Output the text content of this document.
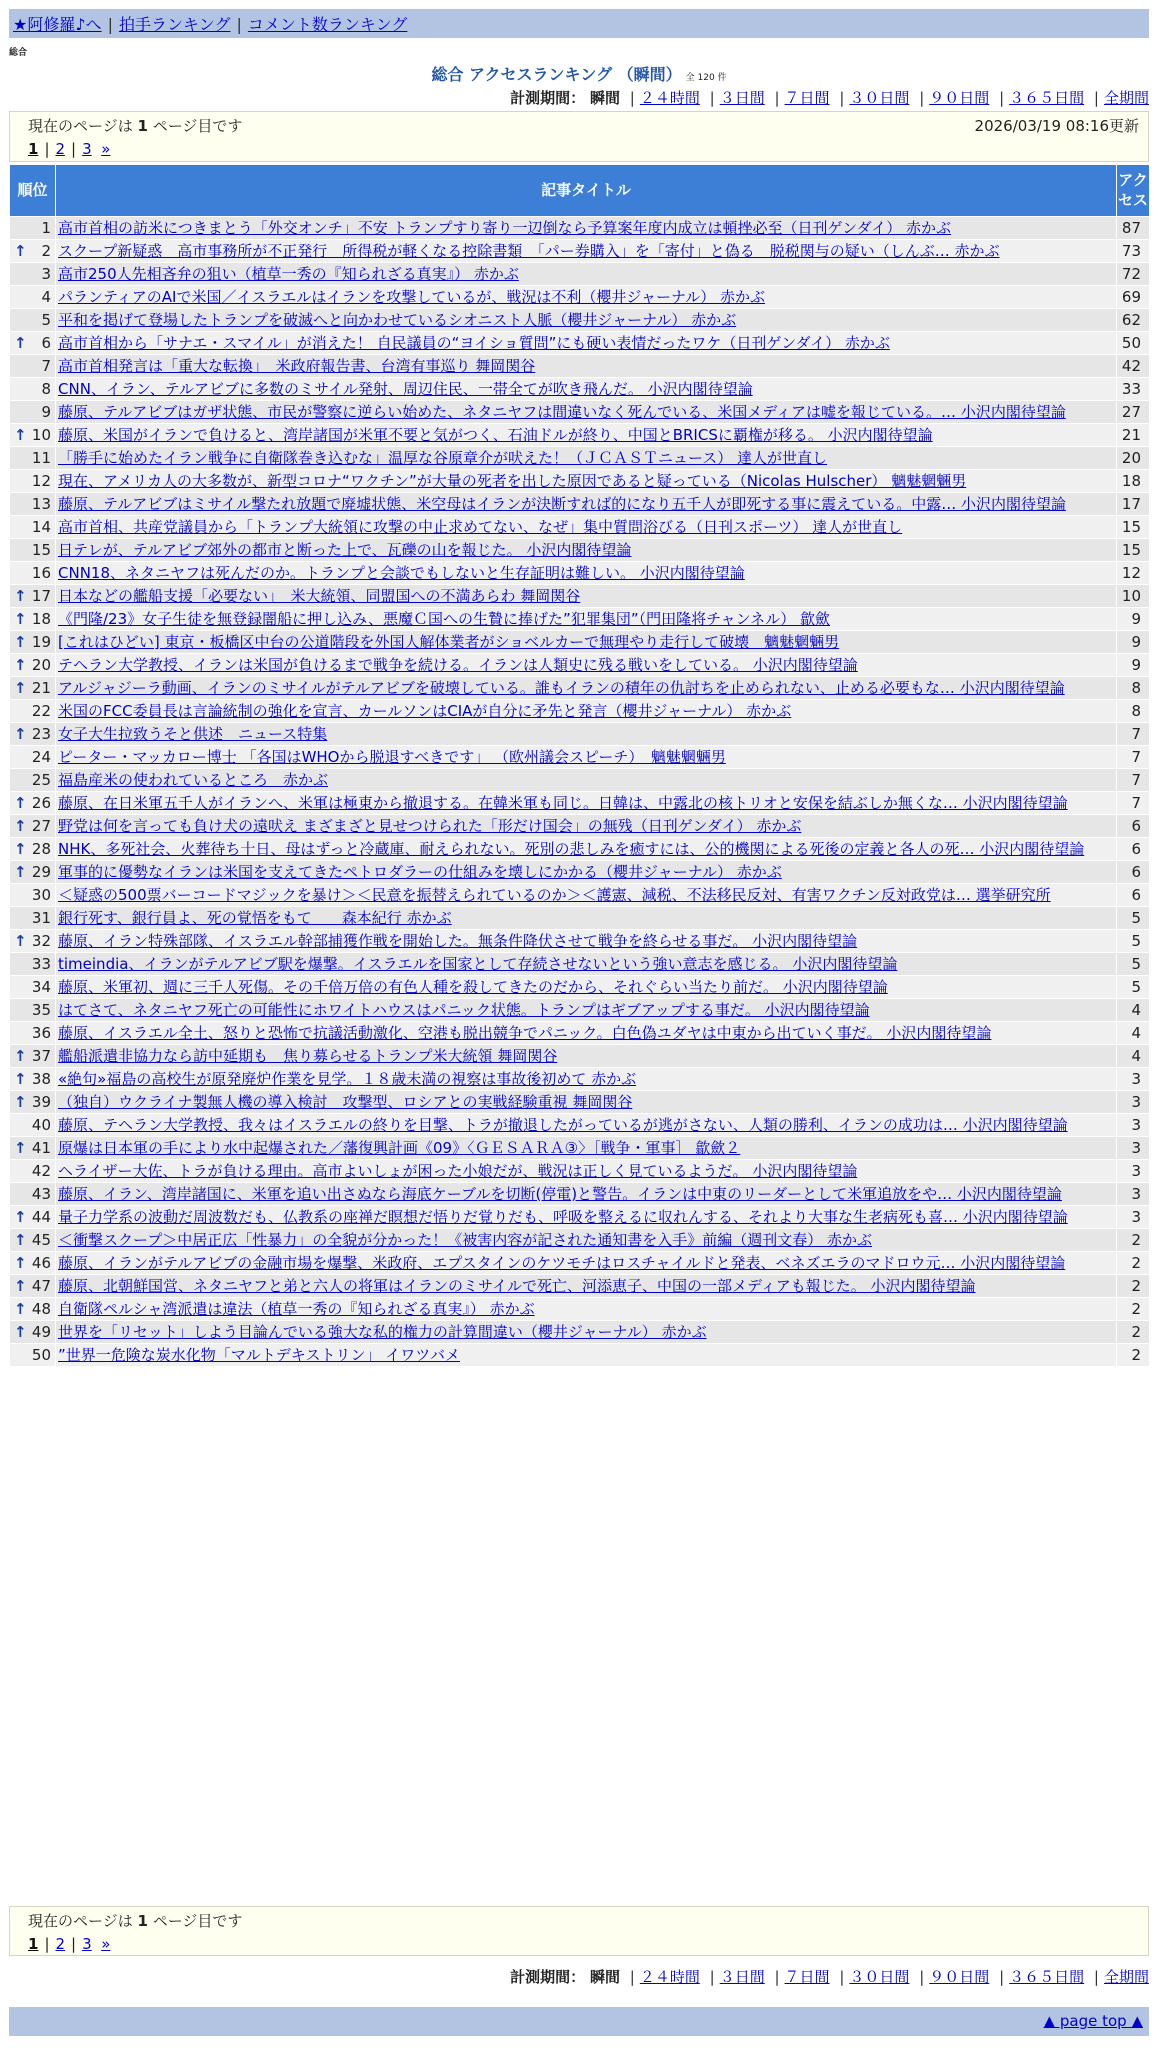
★阿修羅♪へ | 拍手ランキング | コメント数ランキング
総合
総合 アクセスランキング （瞬間） 全 120 件
計測期間： 瞬間 | ２４時間 | ３日間 | ７日間 | ３０日間 | ９０日間 | ３６５日間 | 全期間
現在のページは 1 ページ目です	2026/03/19 08:16更新
1 | 2 | 3 »
順位	記事タイトル	アクセス
1	高市首相の訪米につきまとう「外交オンチ」不安 トランプすり寄り一辺倒なら予算案年度内成立は頓挫必至（日刊ゲンダイ） 赤かぶ	87

↑ 2	スクープ新疑惑　高市事務所が不正発行　所得税が軽くなる控除書類　「パー券購入」を「寄付」と偽る　脱税関与の疑い（しんぶ… 赤かぶ	73
3	高市250人先相吝弁の狙い（植草一秀の『知られざる真実』） 赤かぶ	72
4	パランティアのAIで米国／イスラエルはイランを攻撃しているが、戦況は不利（櫻井ジャーナル） 赤かぶ	69
5	平和を掲げて登場したトランプを破滅へと向かわせているシオニスト人脈（櫻井ジャーナル） 赤かぶ	62

↑ 6	高市首相から「サナエ・スマイル」が消えた！ 自民議員の“ヨイショ質問”にも硬い表情だったワケ（日刊ゲンダイ） 赤かぶ	50
7	高市首相発言は「重大な転換」　米政府報告書、台湾有事巡り 舞岡関谷	42
8	CNN、イラン、テルアビブに多数のミサイル発射、周辺住民、一帯全てが吹き飛んだ。 小沢内閣待望論	33
9	藤原、テルアビブはガザ状態、市民が警察に逆らい始めた、ネタニヤフは間違いなく死んでいる、米国メディアは嘘を報じている。… 小沢内閣待望論	27

↑ 10	藤原、米国がイランで負けると、湾岸諸国が米軍不要と気がつく、石油ドルが終り、中国とBRICSに覇権が移る。 小沢内閣待望論	21
11	「勝手に始めたイラン戦争に自衛隊巻き込むな」温厚な谷原章介が吠えた！（ＪＣＡＳＴニュース） 達人が世直し	20
12	現在、アメリカ人の大多数が、新型コロナ“ワクチン”が大量の死者を出した原因であると疑っている（Nicolas Hulscher） 魑魅魍魎男	18
13	藤原、テルアビブはミサイル撃たれ放題で廃墟状態、米空母はイランが決断すれば的になり五千人が即死する事に震えている。中露… 小沢内閣待望論	17
14	高市首相、共産党議員から「トランプ大統領に攻撃の中止求めてない、なぜ」集中質問浴びる（日刊スポーツ） 達人が世直し	15
15	日テレが、テルアビブ郊外の都市と断った上で、瓦礫の山を報じた。 小沢内閣待望論	15
16	CNN18、ネタニヤフは死んだのか。トランプと会談でもしないと生存証明は難しい。 小沢内閣待望論	12

↑ 17	日本などの艦船支援「必要ない」　米大統領、同盟国への不満あらわ 舞岡関谷	10

↑ 18	《門隆/23》女子生徒を無登録闇船に押し込み、悪魔Ｃ国への生贄に捧げた”犯罪集団”（門田隆将チャンネル） 歙歛	9

↑ 19	[これはひどい] 東京・板橋区中台の公道階段を外国人解体業者がショベルカーで無理やり走行して破壊　魑魅魍魎男	9

↑ 20	テヘラン大学教授、イランは米国が負けるまで戦争を続ける。イランは人類史に残る戦いをしている。 小沢内閣待望論	9

↑ 21	アルジャジーラ動画、イランのミサイルがテルアビブを破壊している。誰もイランの積年の仇討ちを止められない、止める必要もな… 小沢内閣待望論	8
22	米国のFCC委員長は言論統制の強化を宣言、カールソンはCIAが自分に矛先と発言（櫻井ジャーナル） 赤かぶ	8

↑ 23	女子大生拉致うそと供述　ニュース特集	7
24	ピーター・マッカロー博士 「各国はWHOから脱退すべきです」 （欧州議会スピーチ）　魑魅魍魎男	7
25	福島産米の使われているところ　赤かぶ	7

↑ 26	藤原、在日米軍五千人がイランへ、米軍は極東から撤退する。在韓米軍も同じ。日韓は、中露北の核トリオと安保を結ぶしか無くな… 小沢内閣待望論	7

↑ 27	野党は何を言っても負け犬の遠吠え まざまざと見せつけられた「形だけ国会」の無残（日刊ゲンダイ） 赤かぶ	6

↑ 28	NHK、多死社会、火葬待ち十日、母はずっと冷蔵庫、耐えられない。死別の悲しみを癒すには、公的機関による死後の定義と各人の死… 小沢内閣待望論	6

↑ 29	軍事的に優勢なイランは米国を支えてきたペトロダラーの仕組みを壊しにかかる（櫻井ジャーナル） 赤かぶ	6
30	＜疑惑の500票バーコードマジックを暴け＞＜民意を振替えられているのか＞＜護憲、減税、不法移民反対、有害ワクチン反対政党は… 選挙研究所	6
31	銀行死す、銀行員よ、死の覚悟をもて　　森本紀行 赤かぶ	5

↑ 32	藤原、イラン特殊部隊、イスラエル幹部捕獲作戦を開始した。無条件降伏させて戦争を終らせる事だ。 小沢内閣待望論	5
33	timeindia、イランがテルアビブ駅を爆撃。イスラエルを国家として存続させないという強い意志を感じる。 小沢内閣待望論	5
34	藤原、米軍初、週に三千人死傷。その千倍万倍の有色人種を殺してきたのだから、それぐらい当たり前だ。 小沢内閣待望論	5
35	はてさて、ネタニヤフ死亡の可能性にホワイトハウスはパニック状態。トランプはギブアップする事だ。 小沢内閣待望論	4
36	藤原、イスラエル全土、怒りと恐怖で抗議活動激化、空港も脱出競争でパニック。白色偽ユダヤは中東から出ていく事だ。 小沢内閣待望論	4

↑ 37	艦船派遣非協力なら訪中延期も　焦り募らせるトランプ米大統領 舞岡関谷	4

↑ 38	«絶句»福島の高校生が原発廃炉作業を見学。１８歳未満の視察は事故後初めて 赤かぶ	3

↑ 39	（独自）ウクライナ製無人機の導入検討　攻撃型、ロシアとの実戦経験重視 舞岡関谷	3
40	藤原、テヘラン大学教授、我々はイスラエルの終りを目撃、トラが撤退したがっているが逃がさない、人類の勝利、イランの成功は… 小沢内閣待望論	3

↑ 41	原爆は日本軍の手により水中起爆された／藩復興計画《09》〈ＧＥＳＡＲＡ③〉［戦争・軍事］ 歙歛２	3
42	ヘライザー大佐、トラが負ける理由。高市よいしょが困った小娘だが、戦況は正しく見ているようだ。 小沢内閣待望論	3
43	藤原、イラン、湾岸諸国に、米軍を追い出さぬなら海底ケーブルを切断(停電)と警告。イランは中東のリーダーとして米軍追放をや… 小沢内閣待望論	3

↑ 44	量子力学系の波動だ周波数だも、仏教系の座禅だ瞑想だ悟りだ覚りだも、呼吸を整えるに収れんする、それより大事な生老病死も喜… 小沢内閣待望論	3

↑ 45	＜衝撃スクープ＞中居正広「性暴力」の全貌が分かった！《被害内容が記された通知書を入手》前編（週刊文春） 赤かぶ	2

↑ 46	藤原、イランがテルアビブの金融市場を爆撃、米政府、エプスタインのケツモチはロスチャイルドと発表、ベネズエラのマドロウ元… 小沢内閣待望論	2

↑ 47	藤原、北朝鮮国営、ネタニヤフと弟と六人の将軍はイランのミサイルで死亡、河添恵子、中国の一部メディアも報じた。 小沢内閣待望論	2

↑ 48	自衛隊ペルシャ湾派遣は違法（植草一秀の『知られざる真実』） 赤かぶ	2

↑ 49	世界を「リセット」しよう目論んでいる強大な私的権力の計算間違い（櫻井ジャーナル） 赤かぶ	2
50	”世界一危険な炭水化物「マルトデキストリン」 イワツバメ	2
現在のページは 1 ページ目です
1 | 2 | 3 »
計測期間： 瞬間 | ２４時間 | ３日間 | ７日間 | ３０日間 | ９０日間 | ３６５日間 | 全期間
▲ page top ▲
